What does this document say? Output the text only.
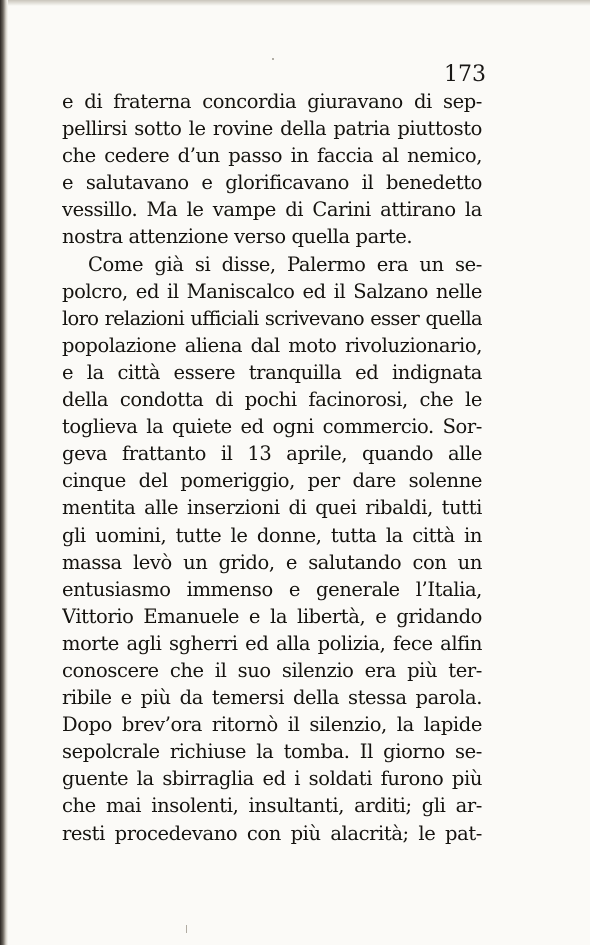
173
e di fraterna concordia giuravano di sep-
pellirsi sotto le rovine della patria piuttosto
che cedere d’un passo in faccia al nemico,
e salutavano e glorificavano il benedetto
vessillo. Ma le vampe di Carini attirano la
nostra attenzione verso quella parte.
Come già si disse, Palermo era un se-
polcro, ed il Maniscalco ed il Salzano nelle
loro relazioni ufficiali scrivevano esser quella
popolazione aliena dal moto rivoluzionario,
e la città essere tranquilla ed indignata
della condotta di pochi facinorosi, che le
toglieva la quiete ed ogni commercio. Sor-
geva frattanto il 13 aprile, quando alle
cinque del pomeriggio, per dare solenne
mentita alle inserzioni di quei ribaldi, tutti
gli uomini, tutte le donne, tutta la città in
massa levò un grido, e salutando con un
entusiasmo immenso e generale l’Italia,
Vittorio Emanuele e la libertà, e gridando
morte agli sgherri ed alla polizia, fece alfin
conoscere che il suo silenzio era più ter-
ribile e più da temersi della stessa parola.
Dopo brev’ora ritornò il silenzio, la lapide
sepolcrale richiuse la tomba. Il giorno se-
guente la sbirraglia ed i soldati furono più
che mai insolenti, insultanti, arditi; gli ar-
resti procedevano con più alacrità; le pat-
